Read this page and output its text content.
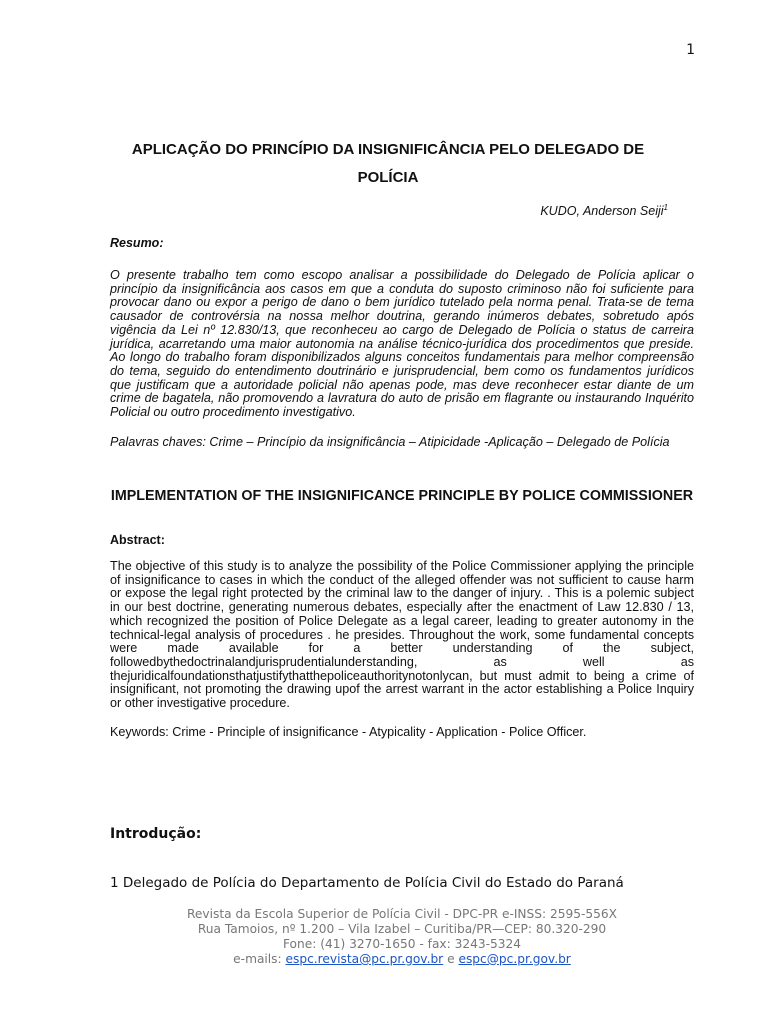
1
APLICAÇÃO DO PRINCÍPIO DA INSIGNIFICÂNCIA PELO DELEGADO DE
POLÍCIA
KUDO, Anderson Seiji$^1$
Resumo:

O presente trabalho tem como escopo analisar a possibilidade do Delegado de Polícia aplicar o princípio da insignificância aos casos em que a conduta do suposto criminoso não foi suficiente para provocar dano ou expor a perigo de dano o bem jurídico tutelado pela norma penal. Trata-se de tema causador de controvérsia na nossa melhor doutrina, gerando inúmeros debates, sobretudo após vigência da Lei nº 12.830/13, que reconheceu ao cargo de Delegado de Polícia o status de carreira jurídica, acarretando uma maior autonomia na análise técnico-jurídica dos procedimentos que preside. Ao longo do trabalho foram disponibilizados alguns conceitos fundamentais para melhor compreensão do tema, seguido do entendimento doutrinário e jurisprudencial, bem como os fundamentos jurídicos que justificam que a autoridade policial não apenas pode, mas deve reconhecer estar diante de um crime de bagatela, não promovendo a lavratura do auto de prisão em flagrante ou instaurando Inquérito Policial ou outro procedimento investigativo.

Palavras chaves: Crime – Princípio da insignificância – Atipicidade -Aplicação – Delegado de Polícia

IMPLEMENTATION OF THE INSIGNIFICANCE PRINCIPLE BY POLICE COMMISSIONER
Abstract:

The objective of this study is to analyze the possibility of the Police Commissioner applying the principle of insignificance to cases in which the conduct of the alleged offender was not sufficient to cause harm or expose the legal right protected by the criminal law to the danger of injury. . This is a polemic subject in our best doctrine, generating numerous debates, especially after the enactment of Law 12.830 / 13, which recognized the position of Police Delegate as a legal career, leading to greater autonomy in the technical-legal analysis of procedures . he presides. Throughout the work, some fundamental concepts were made available for a better understanding of the subject, followedbythedoctrinalandjurisprudentialunderstanding, as well as thejuridicalfoundationsthatjustifythatthepoliceauthoritynotonlycan, but must admit to being a crime of insignificant, not promoting the drawing upof the arrest warrant in the actor establishing a Police Inquiry or other investigative procedure.

Keywords: Crime - Principle of insignificance - Atypicality - Application - Police Officer.

Introdução:
1 Delegado de Polícia do Departamento de Polícia Civil do Estado do Paraná
Revista da Escola Superior de Polícia Civil - DPC-PR e-INSS: 2595-556X
Rua Tamoios, nº 1.200 – Vila Izabel – Curitiba/PR—CEP: 80.320-290
Fone: (41) 3270-1650 - fax: 3243-5324
e-mails: espc.revista@pc.pr.gov.br e espc@pc.pr.gov.br
